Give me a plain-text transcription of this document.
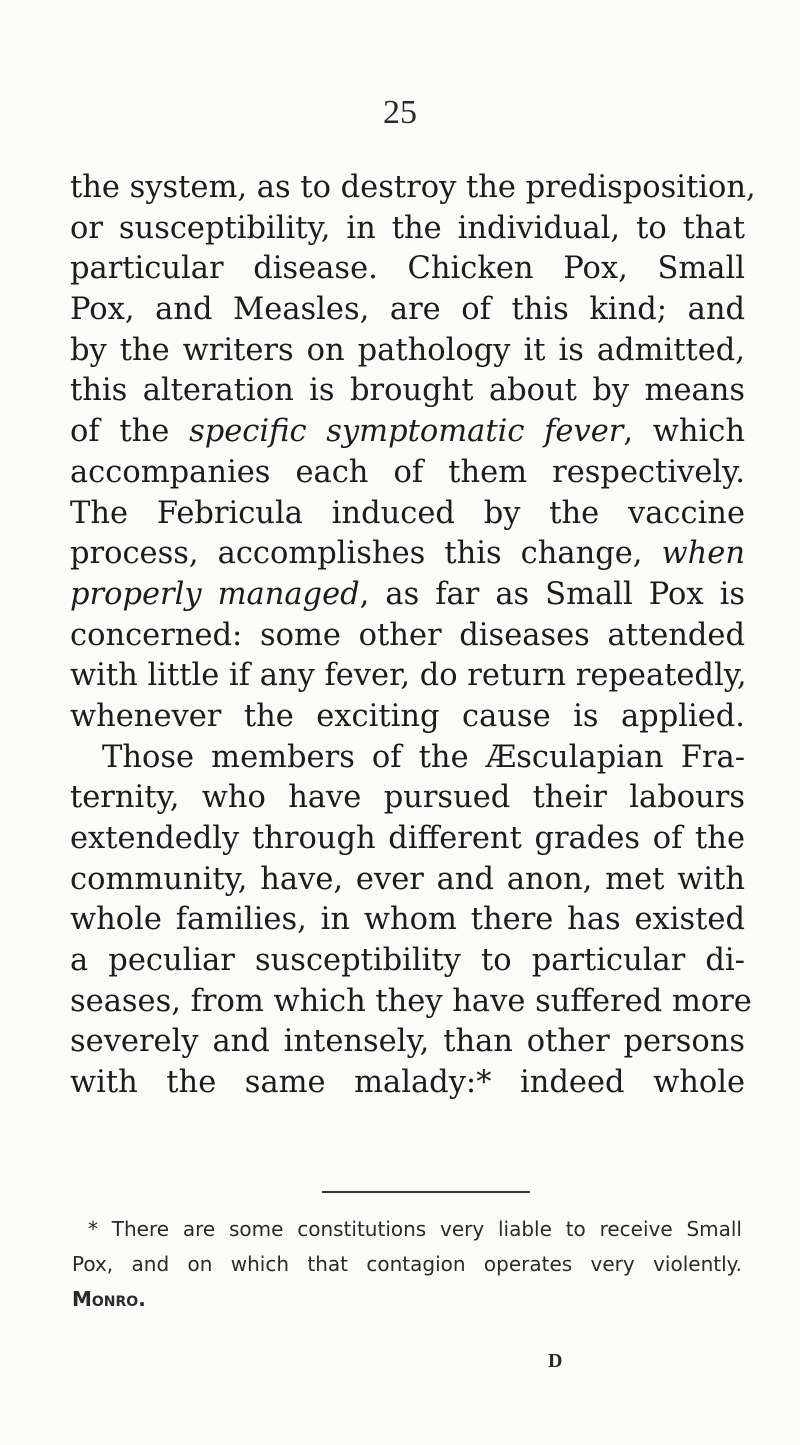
25
the system, as to destroy the predisposition,
or susceptibility, in the individual, to that
particular disease. Chicken Pox, Small
Pox, and Measles, are of this kind; and
by the writers on pathology it is admitted,
this alteration is brought about by means
of the specific symptomatic fever, which
accompanies each of them respectively.
The Febricula induced by the vaccine
process, accomplishes this change, when
properly managed, as far as Small Pox is
concerned: some other diseases attended
with little if any fever, do return repeatedly,
whenever the exciting cause is applied.
Those members of the Æsculapian Fra-
ternity, who have pursued their labours
extendedly through different grades of the
community, have, ever and anon, met with
whole families, in whom there has existed
a peculiar susceptibility to particular di-
seases, from which they have suffered more
severely and intensely, than other persons
with the same malady:* indeed whole
* There are some constitutions very liable to receive Small
Pox, and on which that contagion operates very violently.
Monro.
D
